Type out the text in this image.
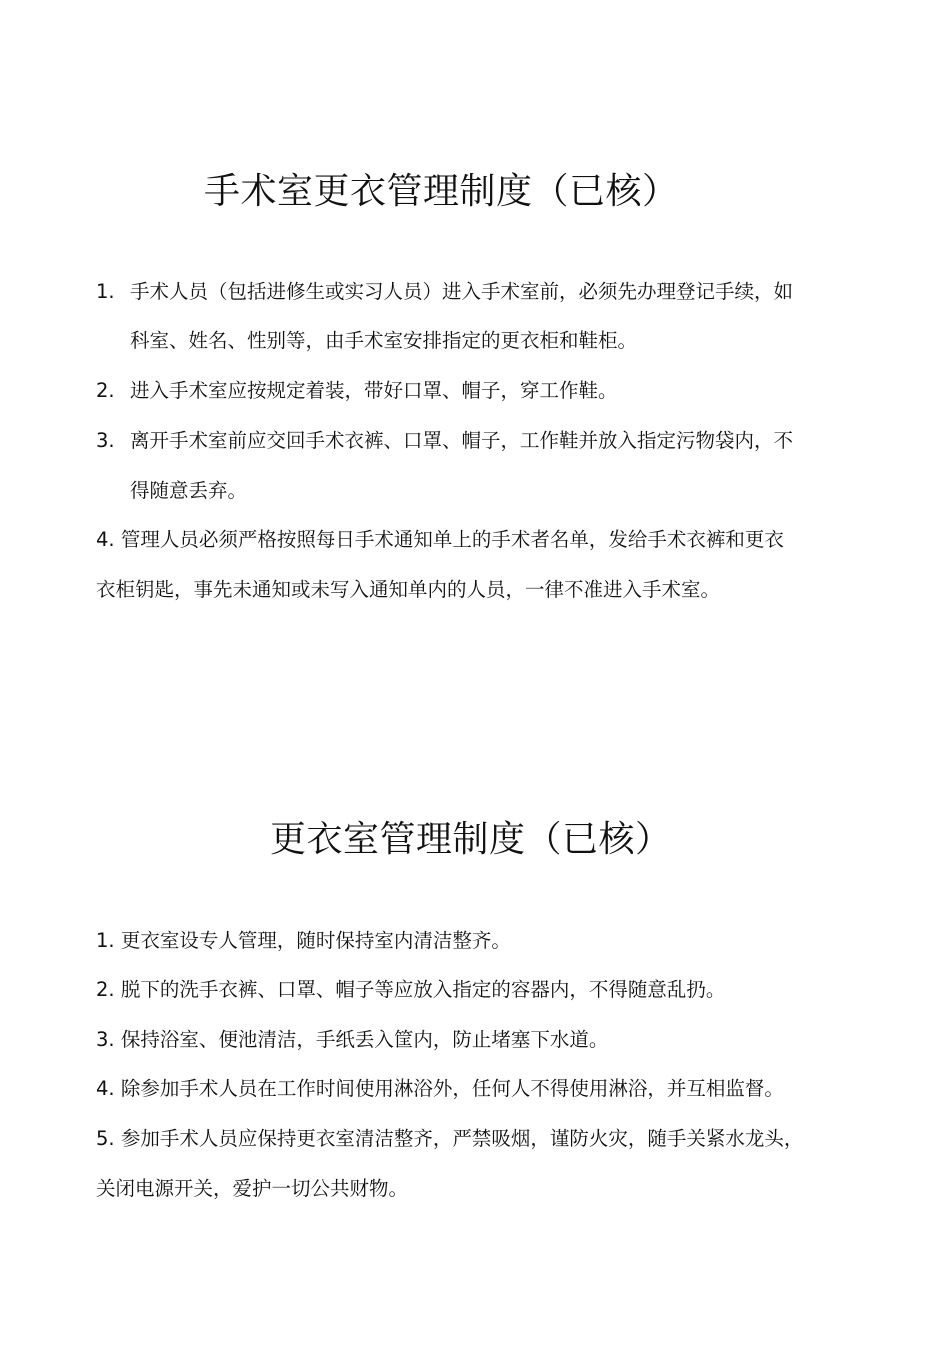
手术室更衣管理制度（已核）
1. 手术人员（包括进修生或实习人员）进入手术室前，必须先办理登记手续，如
科室、姓名、性别等，由手术室安排指定的更衣柜和鞋柜。
2. 进入手术室应按规定着装，带好口罩、帽子，穿工作鞋。
3. 离开手术室前应交回手术衣裤、口罩、帽子，工作鞋并放入指定污物袋内，不
得随意丢弃。
4. 管理人员必须严格按照每日手术通知单上的手术者名单，发给手术衣裤和更衣
衣柜钥匙，事先未通知或未写入通知单内的人员，一律不准进入手术室。
更衣室管理制度（已核）
1. 更衣室设专人管理，随时保持室内清洁整齐。
2. 脱下的洗手衣裤、口罩、帽子等应放入指定的容器内，不得随意乱扔。
3. 保持浴室、便池清洁，手纸丢入筐内，防止堵塞下水道。
4. 除参加手术人员在工作时间使用淋浴外，任何人不得使用淋浴，并互相监督。
5. 参加手术人员应保持更衣室清洁整齐，严禁吸烟，谨防火灾，随手关紧水龙头，
关闭电源开关，爱护一切公共财物。
